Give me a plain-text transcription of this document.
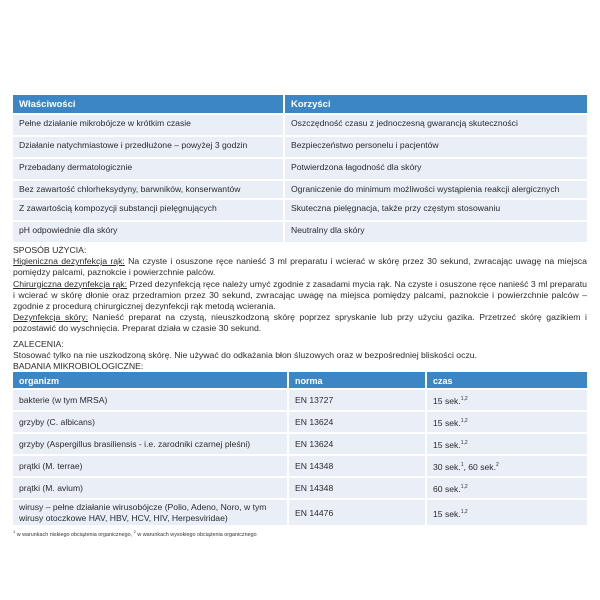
Właściwości	Korzyści
Pełne działanie mikrobójcze w krótkim czasie	Oszczędność czasu z jednoczesną gwarancją skuteczności
Działanie natychmiastowe i przedłużone – powyżej 3 godzin	Bezpieczeństwo personelu i pacjentów
Przebadany dermatologicznie	Potwierdzona łagodność dla skóry
Bez zawartość chlorheksydyny, barwników, konserwantów	Ograniczenie do minimum możliwości wystąpienia reakcji alergicznych
Z zawartością kompozycji substancji pielęgnujących	Skuteczna pielęgnacja, także przy częstym stosowaniu
pH odpowiednie dla skóry	Neutralny dla skóry
SPOSÓB UŻYCIA:
Higieniczna dezynfekcja rąk: Na czyste i osuszone ręce nanieść 3 ml preparatu i wcierać w skórę przez 30 sekund, zwracając uwagę na miejsca pomiędzy palcami, paznokcie i powierzchnie palców.
Chirurgiczna dezynfekcja rąk: Przed dezynfekcją ręce należy umyć zgodnie z zasadami mycia rąk. Na czyste i osuszone ręce nanieść 3 ml preparatu i wcierać w skórę dłonie oraz przedramion przez 30 sekund, zwracając uwagę na miejsca pomiędzy palcami, paznokcie i powierzchnie palców – zgodnie z procedurą chirurgicznej dezynfekcji rąk metodą wcierania.
Dezynfekcja skóry: Nanieść preparat na czystą, nieuszkodzoną skórę poprzez spryskanie lub przy użyciu gazika. Przetrzeć skórę gazikiem i pozostawić do wyschnięcia. Preparat działa w czasie 30 sekund.
ZALECENIA:
Stosować tylko na nie uszkodzoną skórę. Nie używać do odkażania błon śluzowych oraz w bezpośredniej bliskości oczu.
BADANIA MIKROBIOLOGICZNE:
organizm	norma	czas
bakterie (w tym MRSA)	EN 13727	15 sek.$^{1,2}$
grzyby (C. albicans)	EN 13624	15 sek.$^{1,2}$
grzyby (Aspergillus brasiliensis - i.e. zarodniki czarnej pleśni)	EN 13624	15 sek.$^{1,2}$
prątki (M. terrae)	EN 14348	30 sek.$^1$, 60 sek.$^2$
prątki (M. avium)	EN 14348	60 sek.$^{1,2}$
wirusy – pełne działanie wirusobójcze (Polio, Adeno, Noro, w tym wirusy otoczkowe HAV, HBV, HCV, HIV, Herpesviridae)	EN 14476	15 sek.$^{1,2}$
$^1$ w warunkach niskiego obciążenia organicznego, $^2$ w warunkach wysokiego obciążenia organicznego
